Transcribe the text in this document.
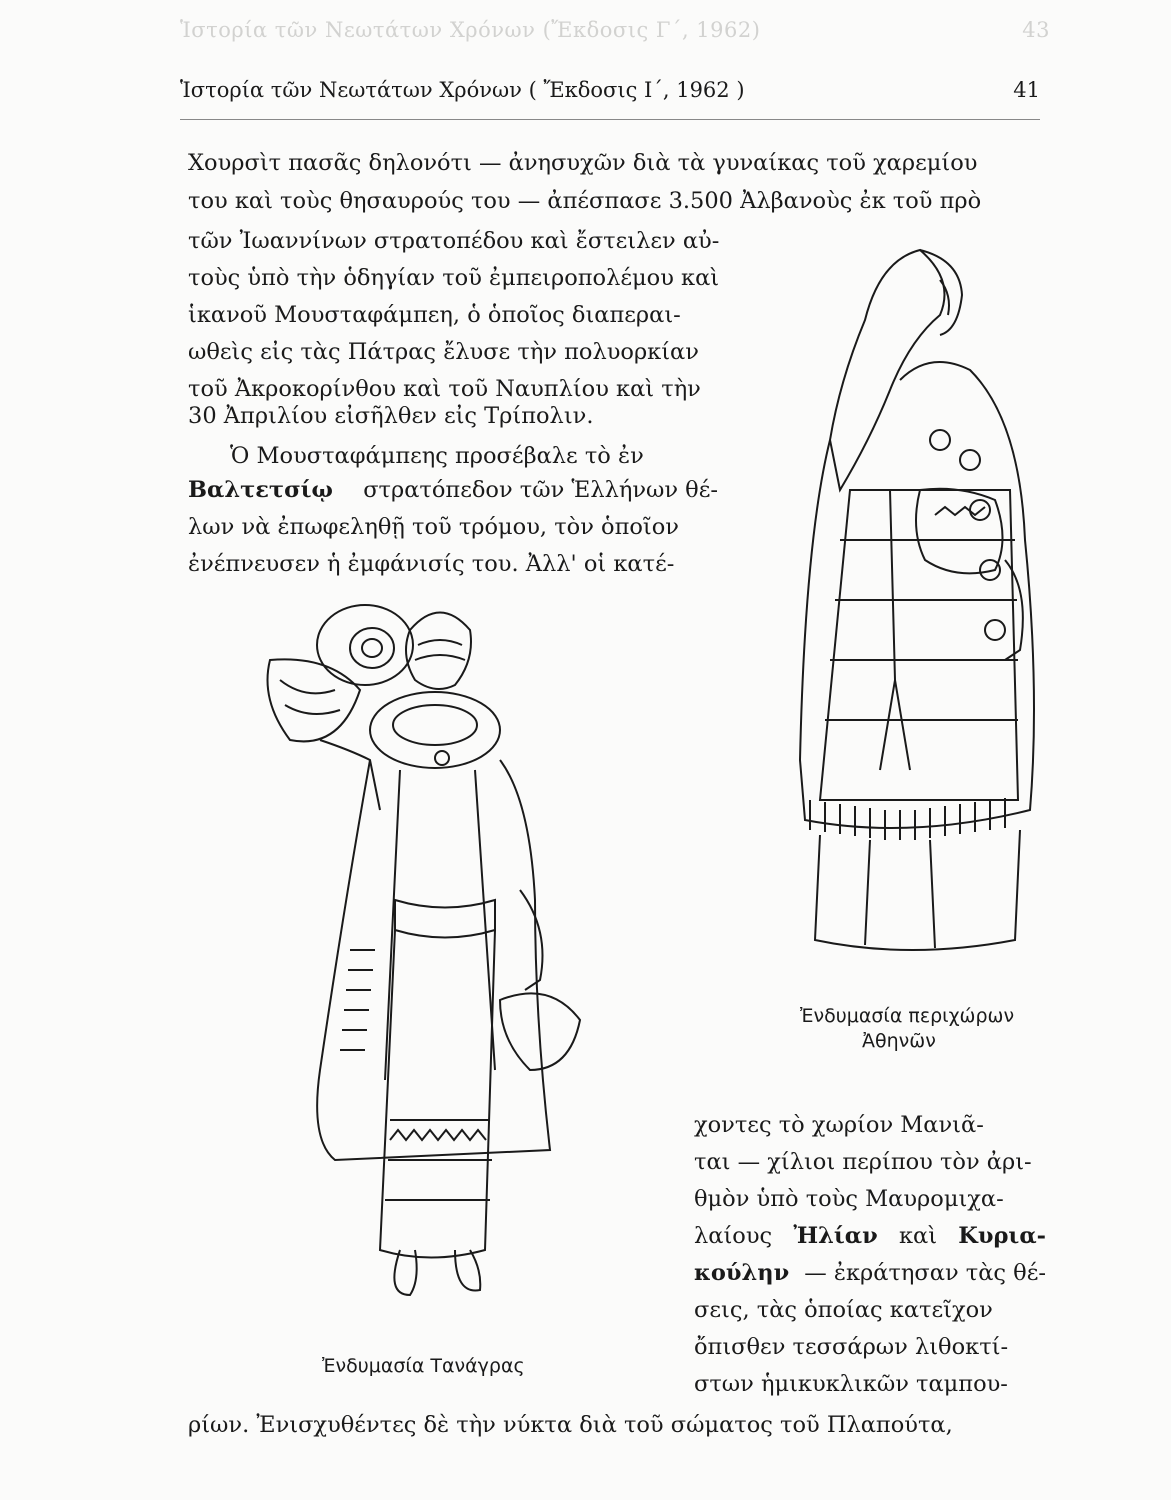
Ἱστορία τῶν Νεωτάτων Χρόνων (Ἔκδοσις Γ΄, 1962)	43
Ἱστορία τῶν Νεωτάτων Χρόνων ( Ἔκδοσις Ι΄, 1962 )	41
Χουρσὶτ πασᾶς δηλονότι — ἀνησυχῶν διὰ τὰ γυναίκας τοῦ χαρεμίου
του καὶ τοὺς θησαυρούς του — ἀπέσπασε 3.500 Ἀλβανοὺς ἐκ τοῦ πρὸ
τῶν Ἰωαννίνων στρατοπέδου καὶ ἔστειλεν αὐ-
τοὺς ὑπὸ τὴν ὁδηγίαν τοῦ ἐμπειροπολέμου καὶ
ἱκανοῦ Μουσταφάμπεη, ὁ ὁποῖος διαπεραι-
ωθεὶς εἰς τὰς Πάτρας ἔλυσε τὴν πολυορκίαν
τοῦ Ἀκροκορίνθου καὶ τοῦ Ναυπλίου καὶ τὴν
30 Ἀπριλίου εἰσῆλθεν εἰς Τρίπολιν.
Ὁ Μουσταφάμπεης προσέβαλε τὸ ἐν
Βαλτετσίῳ στρατόπεδον τῶν Ἑλλήνων θέ-
λων νὰ ἐπωφεληθῇ τοῦ τρόμου, τὸν ὁποῖον
ἐνέπνευσεν ἡ ἐμφάνισίς του. Ἀλλ' οἱ κατέ-
χοντες τὸ χωρίον Μανιᾶ-
ται — χίλιοι περίπου τὸν ἀρι-
θμὸν ὑπὸ τοὺς Μαυρομιχα-
λαίους Ἠλίαν καὶ Κυρια-
κούλην — ἐκράτησαν τὰς θέ-
σεις, τὰς ὁποίας κατεῖχον
ὄπισθεν τεσσάρων λιθοκτί-
στων ἡμικυκλικῶν ταμπου-
ρίων. Ἐνισχυθέντες δὲ τὴν νύκτα διὰ τοῦ σώματος τοῦ Πλαπούτα,
Ἐνδυμασία περιχώρων
Ἀθηνῶν
Ἐνδυμασία Τανάγρας
